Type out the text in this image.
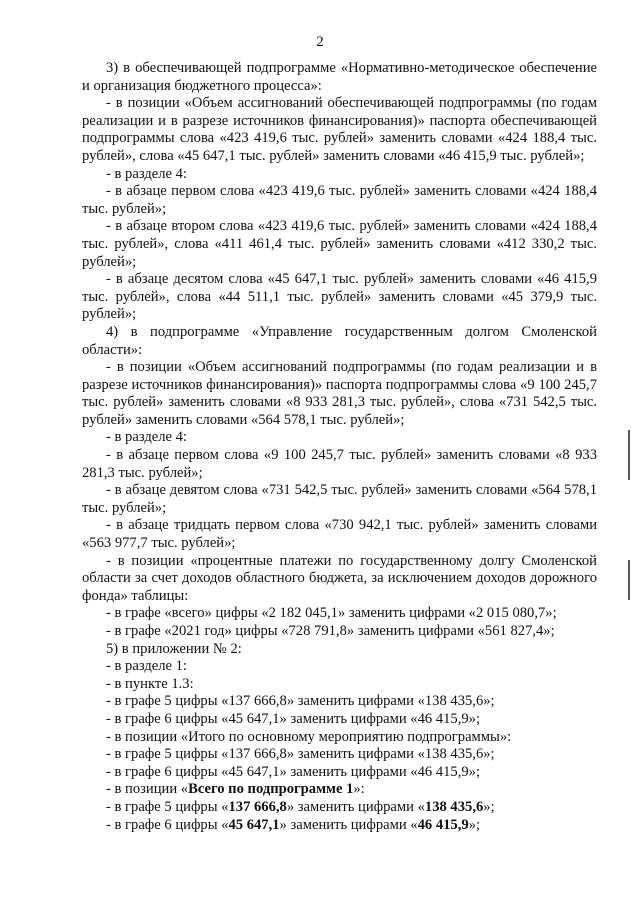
2

3) в обеспечивающей подпрограмме «Нормативно-методическое обеспечение и организация бюджетного процесса»:

- в позиции «Объем ассигнований обеспечивающей подпрограммы (по годам реализации и в разрезе источников финансирования)» паспорта обеспечивающей подпрограммы слова «423 419,6 тыс. рублей» заменить словами «424 188,4 тыс. рублей», слова «45 647,1 тыс. рублей» заменить словами «46 415,9 тыс. рублей»;

- в разделе 4:

- в абзаце первом слова «423 419,6 тыс. рублей» заменить словами «424 188,4 тыс. рублей»;

- в абзаце втором слова «423 419,6 тыс. рублей» заменить словами «424 188,4 тыс. рублей», слова «411 461,4 тыс. рублей» заменить словами «412 330,2 тыс. рублей»;

- в абзаце десятом слова «45 647,1 тыс. рублей» заменить словами «46 415,9 тыс. рублей», слова «44 511,1 тыс. рублей» заменить словами «45 379,9 тыс. рублей»;

4) в подпрограмме «Управление государственным долгом Смоленской области»:

- в позиции «Объем ассигнований подпрограммы (по годам реализации и в разрезе источников финансирования)» паспорта подпрограммы слова «9 100 245,7 тыс. рублей» заменить словами «8 933 281,3 тыс. рублей», слова «731 542,5 тыс. рублей» заменить словами «564 578,1 тыс. рублей»;

- в разделе 4:

- в абзаце первом слова «9 100 245,7 тыс. рублей» заменить словами «8 933 281,3 тыс. рублей»;

- в абзаце девятом слова «731 542,5 тыс. рублей» заменить словами «564 578,1 тыс. рублей»;

- в абзаце тридцать первом слова «730 942,1 тыс. рублей» заменить словами «563 977,7 тыс. рублей»;

- в позиции «процентные платежи по государственному долгу Смоленской области за счет доходов областного бюджета, за исключением доходов дорожного фонда» таблицы:

- в графе «всего» цифры «2 182 045,1» заменить цифрами «2 015 080,7»;

- в графе «2021 год» цифры «728 791,8» заменить цифрами «561 827,4»;

5) в приложении № 2:

- в разделе 1:

- в пункте 1.3:

- в графе 5 цифры «137 666,8» заменить цифрами «138 435,6»;

- в графе 6 цифры «45 647,1» заменить цифрами «46 415,9»;

- в позиции «Итого по основному мероприятию подпрограммы»:

- в графе 5 цифры «137 666,8» заменить цифрами «138 435,6»;

- в графе 6 цифры «45 647,1» заменить цифрами «46 415,9»;

- в позиции «Всего по подпрограмме 1»:

- в графе 5 цифры «137 666,8» заменить цифрами «138 435,6»;

- в графе 6 цифры «45 647,1» заменить цифрами «46 415,9»;
